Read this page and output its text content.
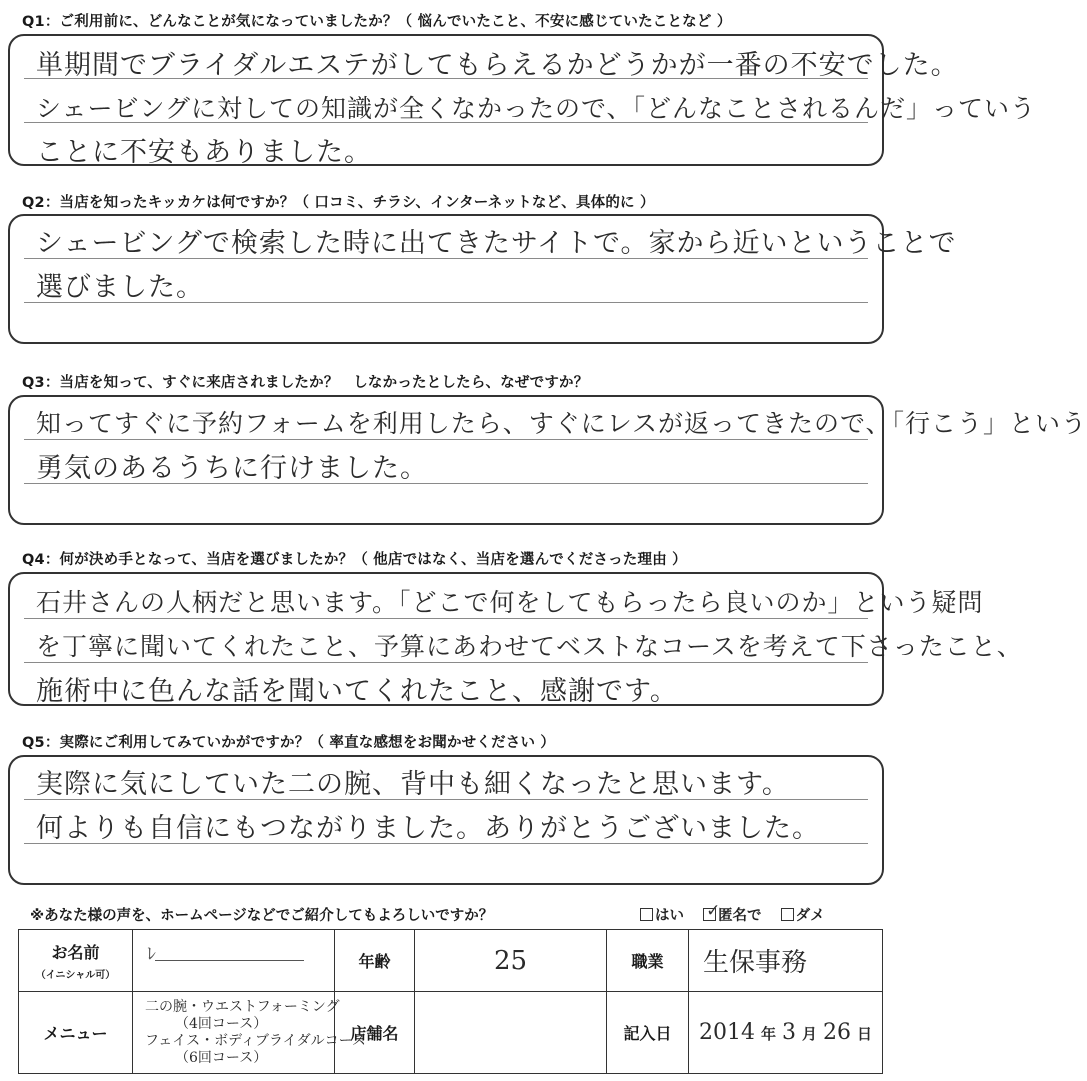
Q1：ご利用前に、どんなことが気になっていましたか？（ 悩んでいたこと、不安に感じていたことなど ）
単期間でブライダルエステがしてもらえるかどうかが一番の不安でした。
シェービングに対しての知識が全くなかったので、「どんなことされるんだ」っていう
ことに不安もありました。
Q2：当店を知ったキッカケは何ですか？（ 口コミ、チラシ、インターネットなど、具体的に ）
シェービングで検索した時に出てきたサイトで。家から近いということで
選びました。
Q3：当店を知って、すぐに来店されましたか？　しなかったとしたら、なぜですか？
知ってすぐに予約フォームを利用したら、すぐにレスが返ってきたので、「行こう」という
勇気のあるうちに行けました。
Q4：何が決め手となって、当店を選びましたか？（ 他店ではなく、当店を選んでくださった理由 ）
石井さんの人柄だと思います。「どこで何をしてもらったら良いのか」という疑問
を丁寧に聞いてくれたこと、予算にあわせてベストなコースを考えて下さったこと、
施術中に色んな話を聞いてくれたこと、感謝です。
Q5：実際にご利用してみていかがですか？（ 率直な感想をお聞かせください ）
実際に気にしていた二の腕、背中も細くなったと思います。
何よりも自信にもつながりました。ありがとうございました。
※あなた様の声を、ホームページなどでご紹介してもよろしいですか？	はい ✓
匿名で ダメ
お名前
（イニシャル可）	ﾚ	年齢	25	職業	生保事務
メニュー	二の腕・ウエストフォーミング
（4回コース）
フェイス・ボディブライダルコース
（6回コース）	店舗名		記入日	2014 年 3 月 26 日
